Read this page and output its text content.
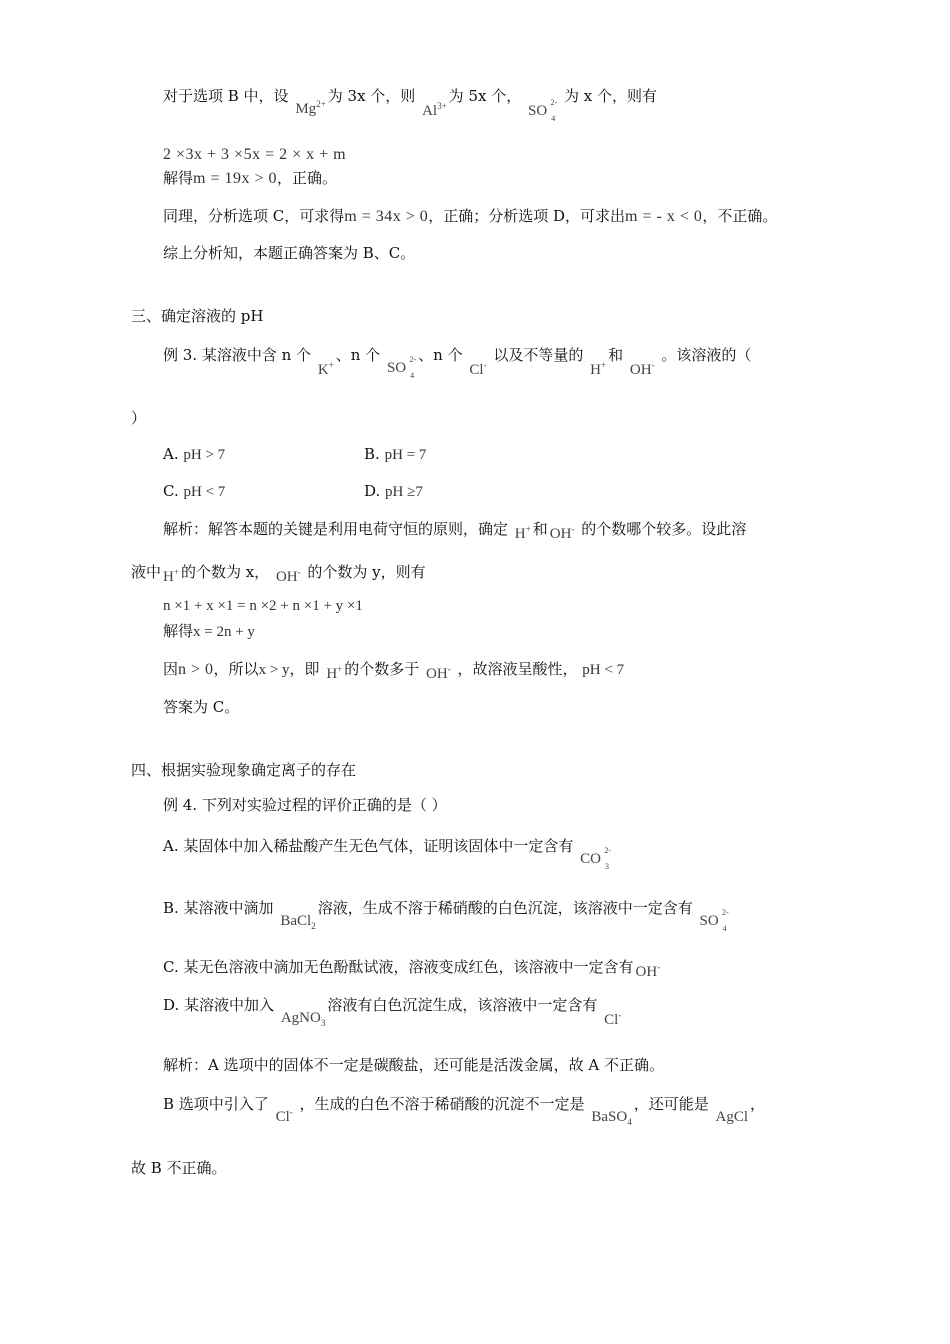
对于选项 B 中，设 $Mg^{2+}$ 为 3x 个，则 $Al^{3+}$为 5x 个， SO
2-
4
为 x 个，则有
2 ×3x + 3 ×5x = 2 × x + m
解得m = 19x > 0，正确。
同理，分析选项 C，可求得m = 34x > 0，正确；分析选项 D，可求出m = - x < 0，不正确。
综上分析知，本题正确答案为 B、C。
三、确定溶液的 pH
例 3. 某溶液中含 n 个 K+、n 个 SO
2-
4
、n 个 Cl- 以及不等量的 H+和 OH- 。该溶液的（
）
A. pH > 7	B. pH = 7
C. pH < 7	D. pH ≥7
解析：解答本题的关键是利用电荷守恒的原则，确定 H+ 和 OH- 的个数哪个较多。设此溶
液中 H+ 的个数为 x， OH- 的个数为 y，则有
n ×1 + x ×1 = n ×2 + n ×1 + y ×1
解得x = 2n + y
因n > 0，所以x > y，即 H+ 的个数多于 OH- ，故溶液呈酸性， pH < 7
答案为 C。
四、根据实验现象确定离子的存在
例 4. 下列对实验过程的评价正确的是（ ）
A. 某固体中加入稀盐酸产生无色气体，证明该固体中一定含有 CO
2-
3
B. 某溶液中滴加 BaCl$_2$溶液，生成不溶于稀硝酸的白色沉淀，该溶液中一定含有 SO
2-
4
C. 某无色溶液中滴加无色酚酞试液，溶液变成红色，该溶液中一定含有 OH-
D. 某溶液中加入 AgNO$_3$溶液有白色沉淀生成，该溶液中一定含有 Cl-
解析：A 选项中的固体不一定是碳酸盐，还可能是活泼金属，故 A 不正确。
B 选项中引入了 Cl- ，生成的白色不溶于稀硝酸的沉淀不一定是 BaSO$_4$，还可能是 AgCl，
故 B 不正确。
